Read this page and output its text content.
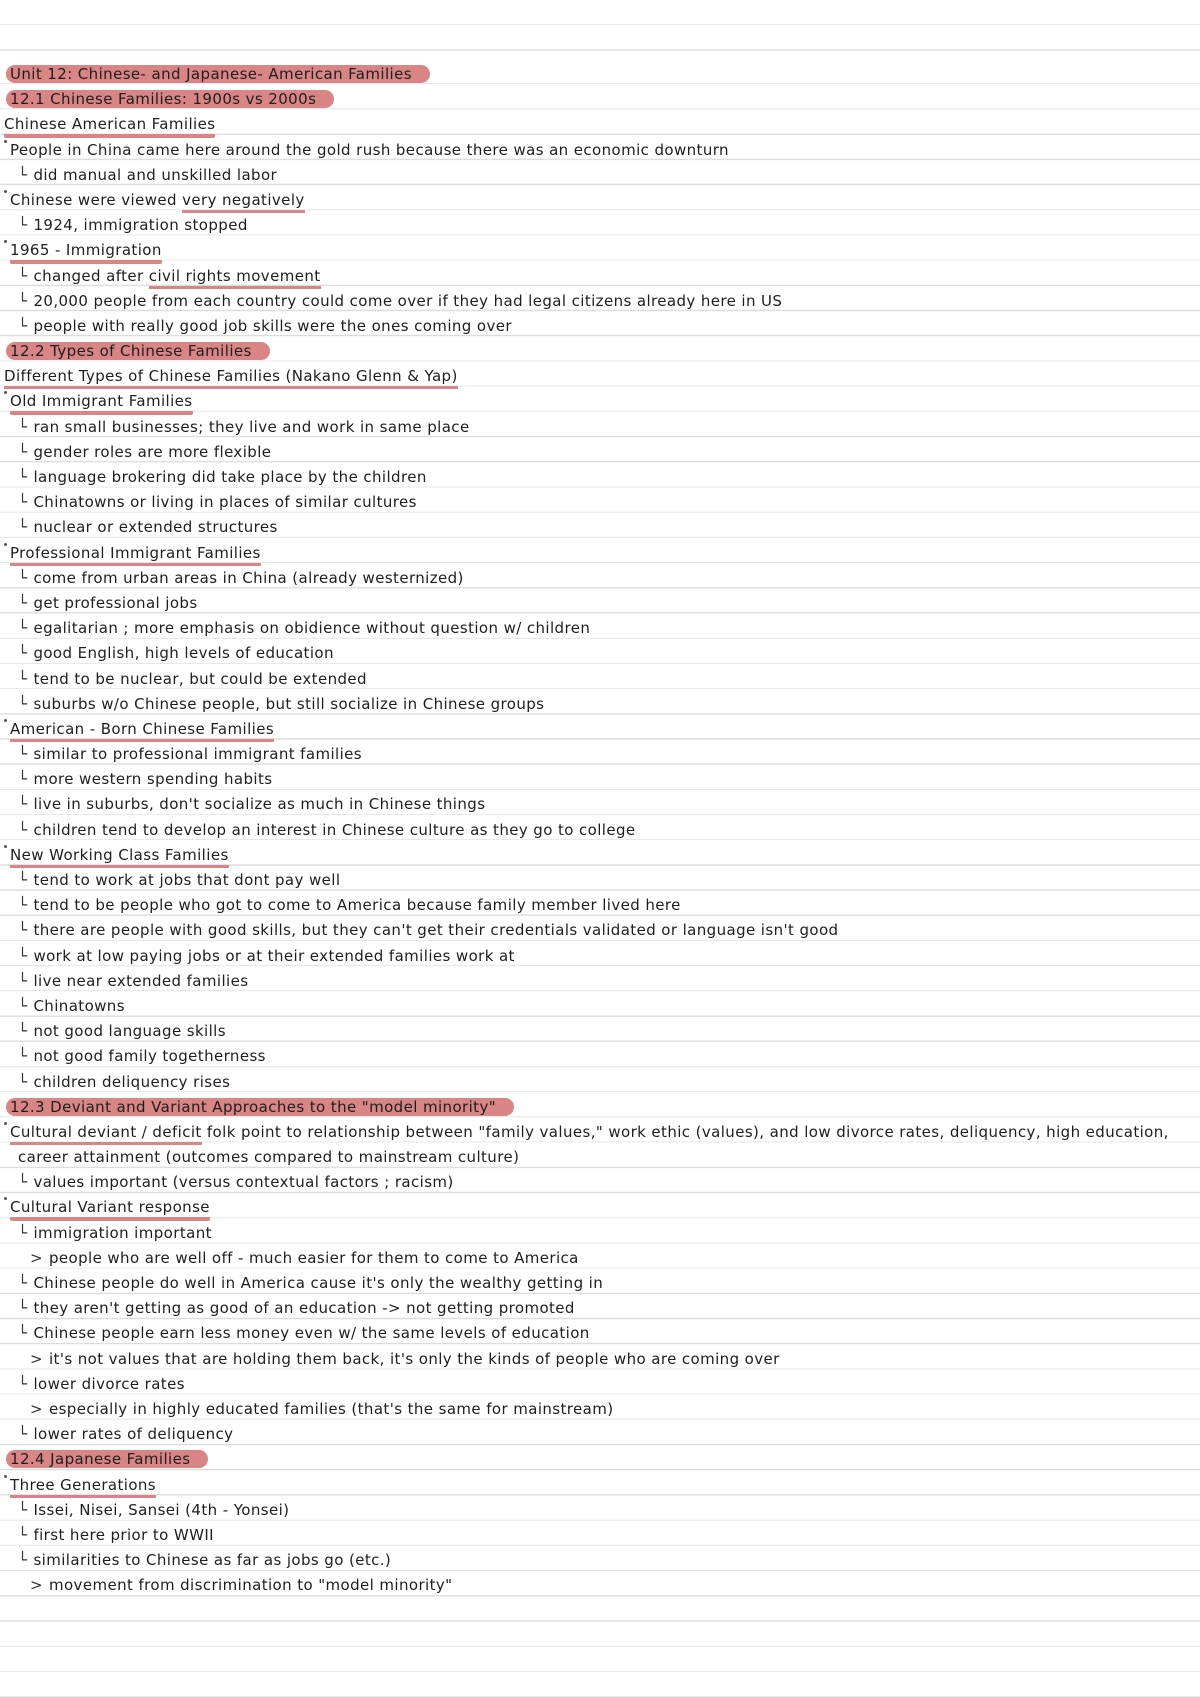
Unit 12: Chinese- and Japanese- American Families
12.1 Chinese Families: 1900s vs 2000s
Chinese American Families
People in China came here around the gold rush because there was an economic downturn
└ did manual and unskilled labor
Chinese were viewed very negatively
└ 1924, immigration stopped
1965 - Immigration
└ changed after civil rights movement
└ 20,000 people from each country could come over if they had legal citizens already here in US
└ people with really good job skills were the ones coming over
12.2 Types of Chinese Families
Different Types of Chinese Families (Nakano Glenn & Yap)
Old Immigrant Families
└ ran small businesses; they live and work in same place
└ gender roles are more flexible
└ language brokering did take place by the children
└ Chinatowns or living in places of similar cultures
└ nuclear or extended structures
Professional Immigrant Families
└ come from urban areas in China (already westernized)
└ get professional jobs
└ egalitarian ; more emphasis on obidience without question w/ children
└ good English, high levels of education
└ tend to be nuclear, but could be extended
└ suburbs w/o Chinese people, but still socialize in Chinese groups
American - Born Chinese Families
└ similar to professional immigrant families
└ more western spending habits
└ live in suburbs, don't socialize as much in Chinese things
└ children tend to develop an interest in Chinese culture as they go to college
New Working Class Families
└ tend to work at jobs that dont pay well
└ tend to be people who got to come to America because family member lived here
└ there are people with good skills, but they can't get their credentials validated or language isn't good
└ work at low paying jobs or at their extended families work at
└ live near extended families
└ Chinatowns
└ not good language skills
└ not good family togetherness
└ children deliquency rises
12.3 Deviant and Variant Approaches to the "model minority"
Cultural deviant / deficit folk point to relationship between "family values," work ethic (values), and low divorce rates, deliquency, high education,
career attainment (outcomes compared to mainstream culture)
└ values important (versus contextual factors ; racism)
Cultural Variant response
└ immigration important
> people who are well off - much easier for them to come to America
└ Chinese people do well in America cause it's only the wealthy getting in
└ they aren't getting as good of an education -> not getting promoted
└ Chinese people earn less money even w/ the same levels of education
> it's not values that are holding them back, it's only the kinds of people who are coming over
└ lower divorce rates
> especially in highly educated families (that's the same for mainstream)
└ lower rates of deliquency
12.4 Japanese Families
Three Generations
└ Issei, Nisei, Sansei (4th - Yonsei)
└ first here prior to WWII
└ similarities to Chinese as far as jobs go (etc.)
> movement from discrimination to "model minority"
